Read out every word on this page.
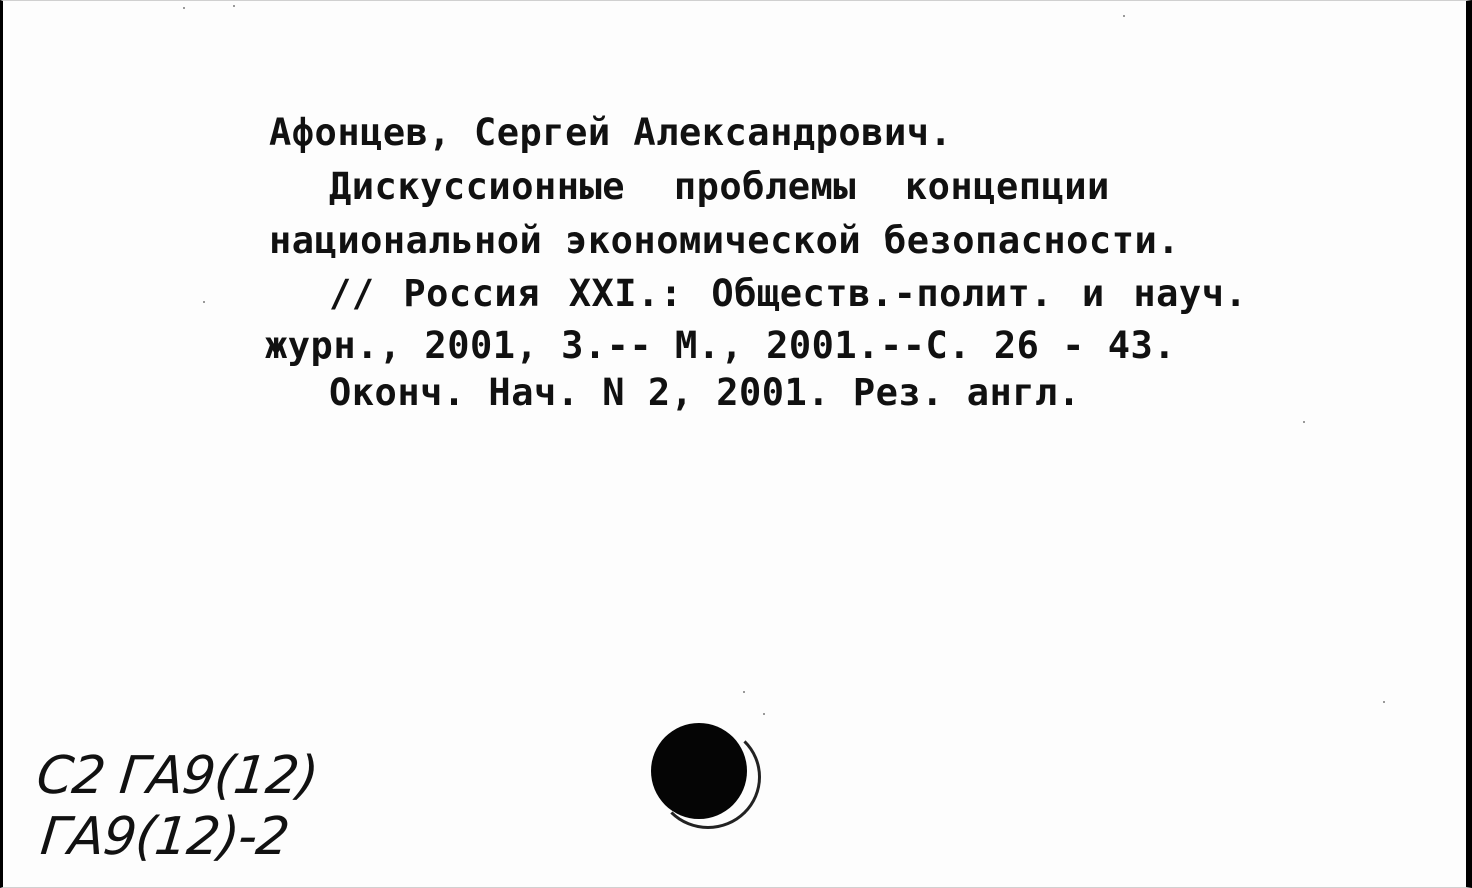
Афонцев, Сергей Александрович.
Дискуссионные проблемы концепции
национальной экономической безопасности.
// Россия XXI.: Обществ.-полит. и науч.
журн., 2001, 3.-- М., 2001.--С. 26 - 43.
Оконч. Нач. N 2, 2001. Рез. англ.
С2 ГА9(12)
ГА9(12)-2
